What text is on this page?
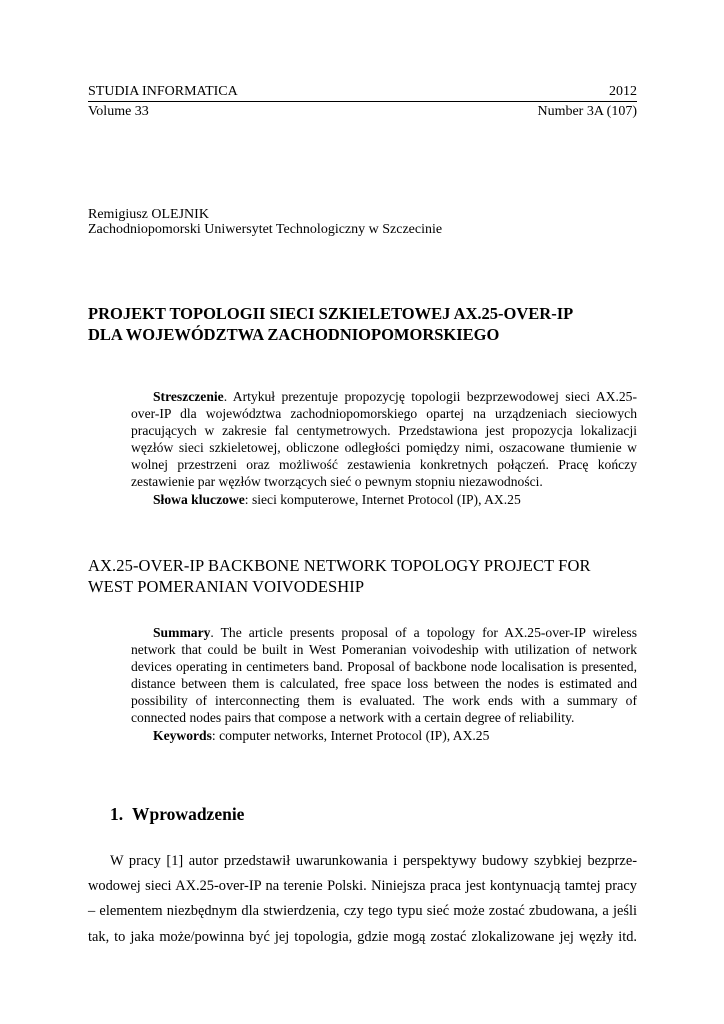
STUDIA INFORMATICA	2012
Volume 33	Number 3A (107)
Remigiusz OLEJNIK
Zachodniopomorski Uniwersytet Technologiczny w Szczecinie
PROJEKT TOPOLOGII SIECI SZKIELETOWEJ AX.25-OVER-IP
DLA WOJEWÓDZTWA ZACHODNIOPOMORSKIEGO

Streszczenie. Artykuł prezentuje propozycję topologii bezprzewodowej sieci AX.25-over-IP dla województwa zachodniopomorskiego opartej na urządzeniach sieciowych pracujących w zakresie fal centymetrowych. Przedstawiona jest propozycja lokalizacji węzłów sieci szkieletowej, obliczone odległości pomiędzy nimi, oszacowane tłumienie w wolnej przestrzeni oraz możliwość zestawienia konkretnych połączeń. Pracę kończy zestawienie par węzłów tworzących sieć o pewnym stopniu niezawodności.

Słowa kluczowe: sieci komputerowe, Internet Protocol (IP), AX.25

AX.25-OVER-IP BACKBONE NETWORK TOPOLOGY PROJECT FOR
WEST POMERANIAN VOIVODESHIP

Summary. The article presents proposal of a topology for AX.25-over-IP wireless network that could be built in West Pomeranian voivodeship with utilization of network devices operating in centimeters band. Proposal of backbone node localisation is presented, distance between them is calculated, free space loss between the nodes is estimated and possibility of interconnecting them is evaluated. The work ends with a summary of connected nodes pairs that compose a network with a certain degree of reliability.

Keywords: computer networks, Internet Protocol (IP), AX.25

1. Wprowadzenie

W pracy [1] autor przedstawił uwarunkowania i perspektywy budowy szybkiej bezprzewodowej sieci AX.25-over-IP na terenie Polski. Niniejsza praca jest kontynuacją tamtej pracy – elementem niezbędnym dla stwierdzenia, czy tego typu sieć może zostać zbudowana, a jeśli tak, to jaka może/powinna być jej topologia, gdzie mogą zostać zlokalizowane jej węzły itd.
